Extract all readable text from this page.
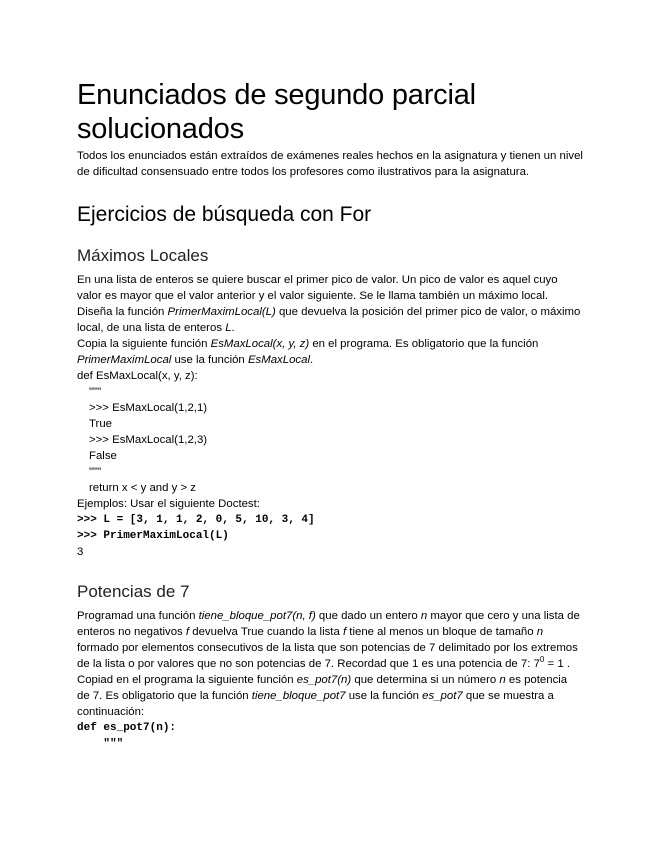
Enunciados de segundo parcial solucionados

Todos los enunciados están extraídos de exámenes reales hechos en la asignatura y tienen un nivel de dificultad consensuado entre todos los profesores como ilustrativos para la asignatura.

Ejercicios de búsqueda con For
Máximos Locales

En una lista de enteros se quiere buscar el primer pico de valor. Un pico de valor es aquel cuyo valor es mayor que el valor anterior y el valor siguiente. Se le llama también un máximo local.

Diseña la función PrimerMaximLocal(L) que devuelva la posición del primer pico de valor, o máximo local, de una lista de enteros L.

Copia la siguiente función EsMaxLocal(x, y, z) en el programa. Es obligatorio que la función PrimerMaximLocal use la función EsMaxLocal.

def EsMaxLocal(x, y, z):
"""
>>> EsMaxLocal(1,2,1)
True
>>> EsMaxLocal(1,2,3)
False
"""
return x < y and y > z
Ejemplos: Usar el siguiente Doctest:
>>> L = [3, 1, 1, 2, 0, 5, 10, 3, 4]
>>> PrimerMaximLocal(L)
3
Potencias de 7

Programad una función tiene_bloque_pot7(n, f) que dado un entero n mayor que cero y una lista de enteros no negativos f devuelva True cuando la lista f tiene al menos un bloque de tamaño n formado por elementos consecutivos de la lista que son potencias de 7 delimitado por los extremos de la lista o por valores que no son potencias de 7. Recordad que 1 es una potencia de 7: $7^0 = 1$ .

Copiad en el programa la siguiente función es_pot7(n) que determina si un número n es potencia de 7. Es obligatorio que la función tiene_bloque_pot7 use la función es_pot7 que se muestra a continuación:

def es_pot7(n):
"""
